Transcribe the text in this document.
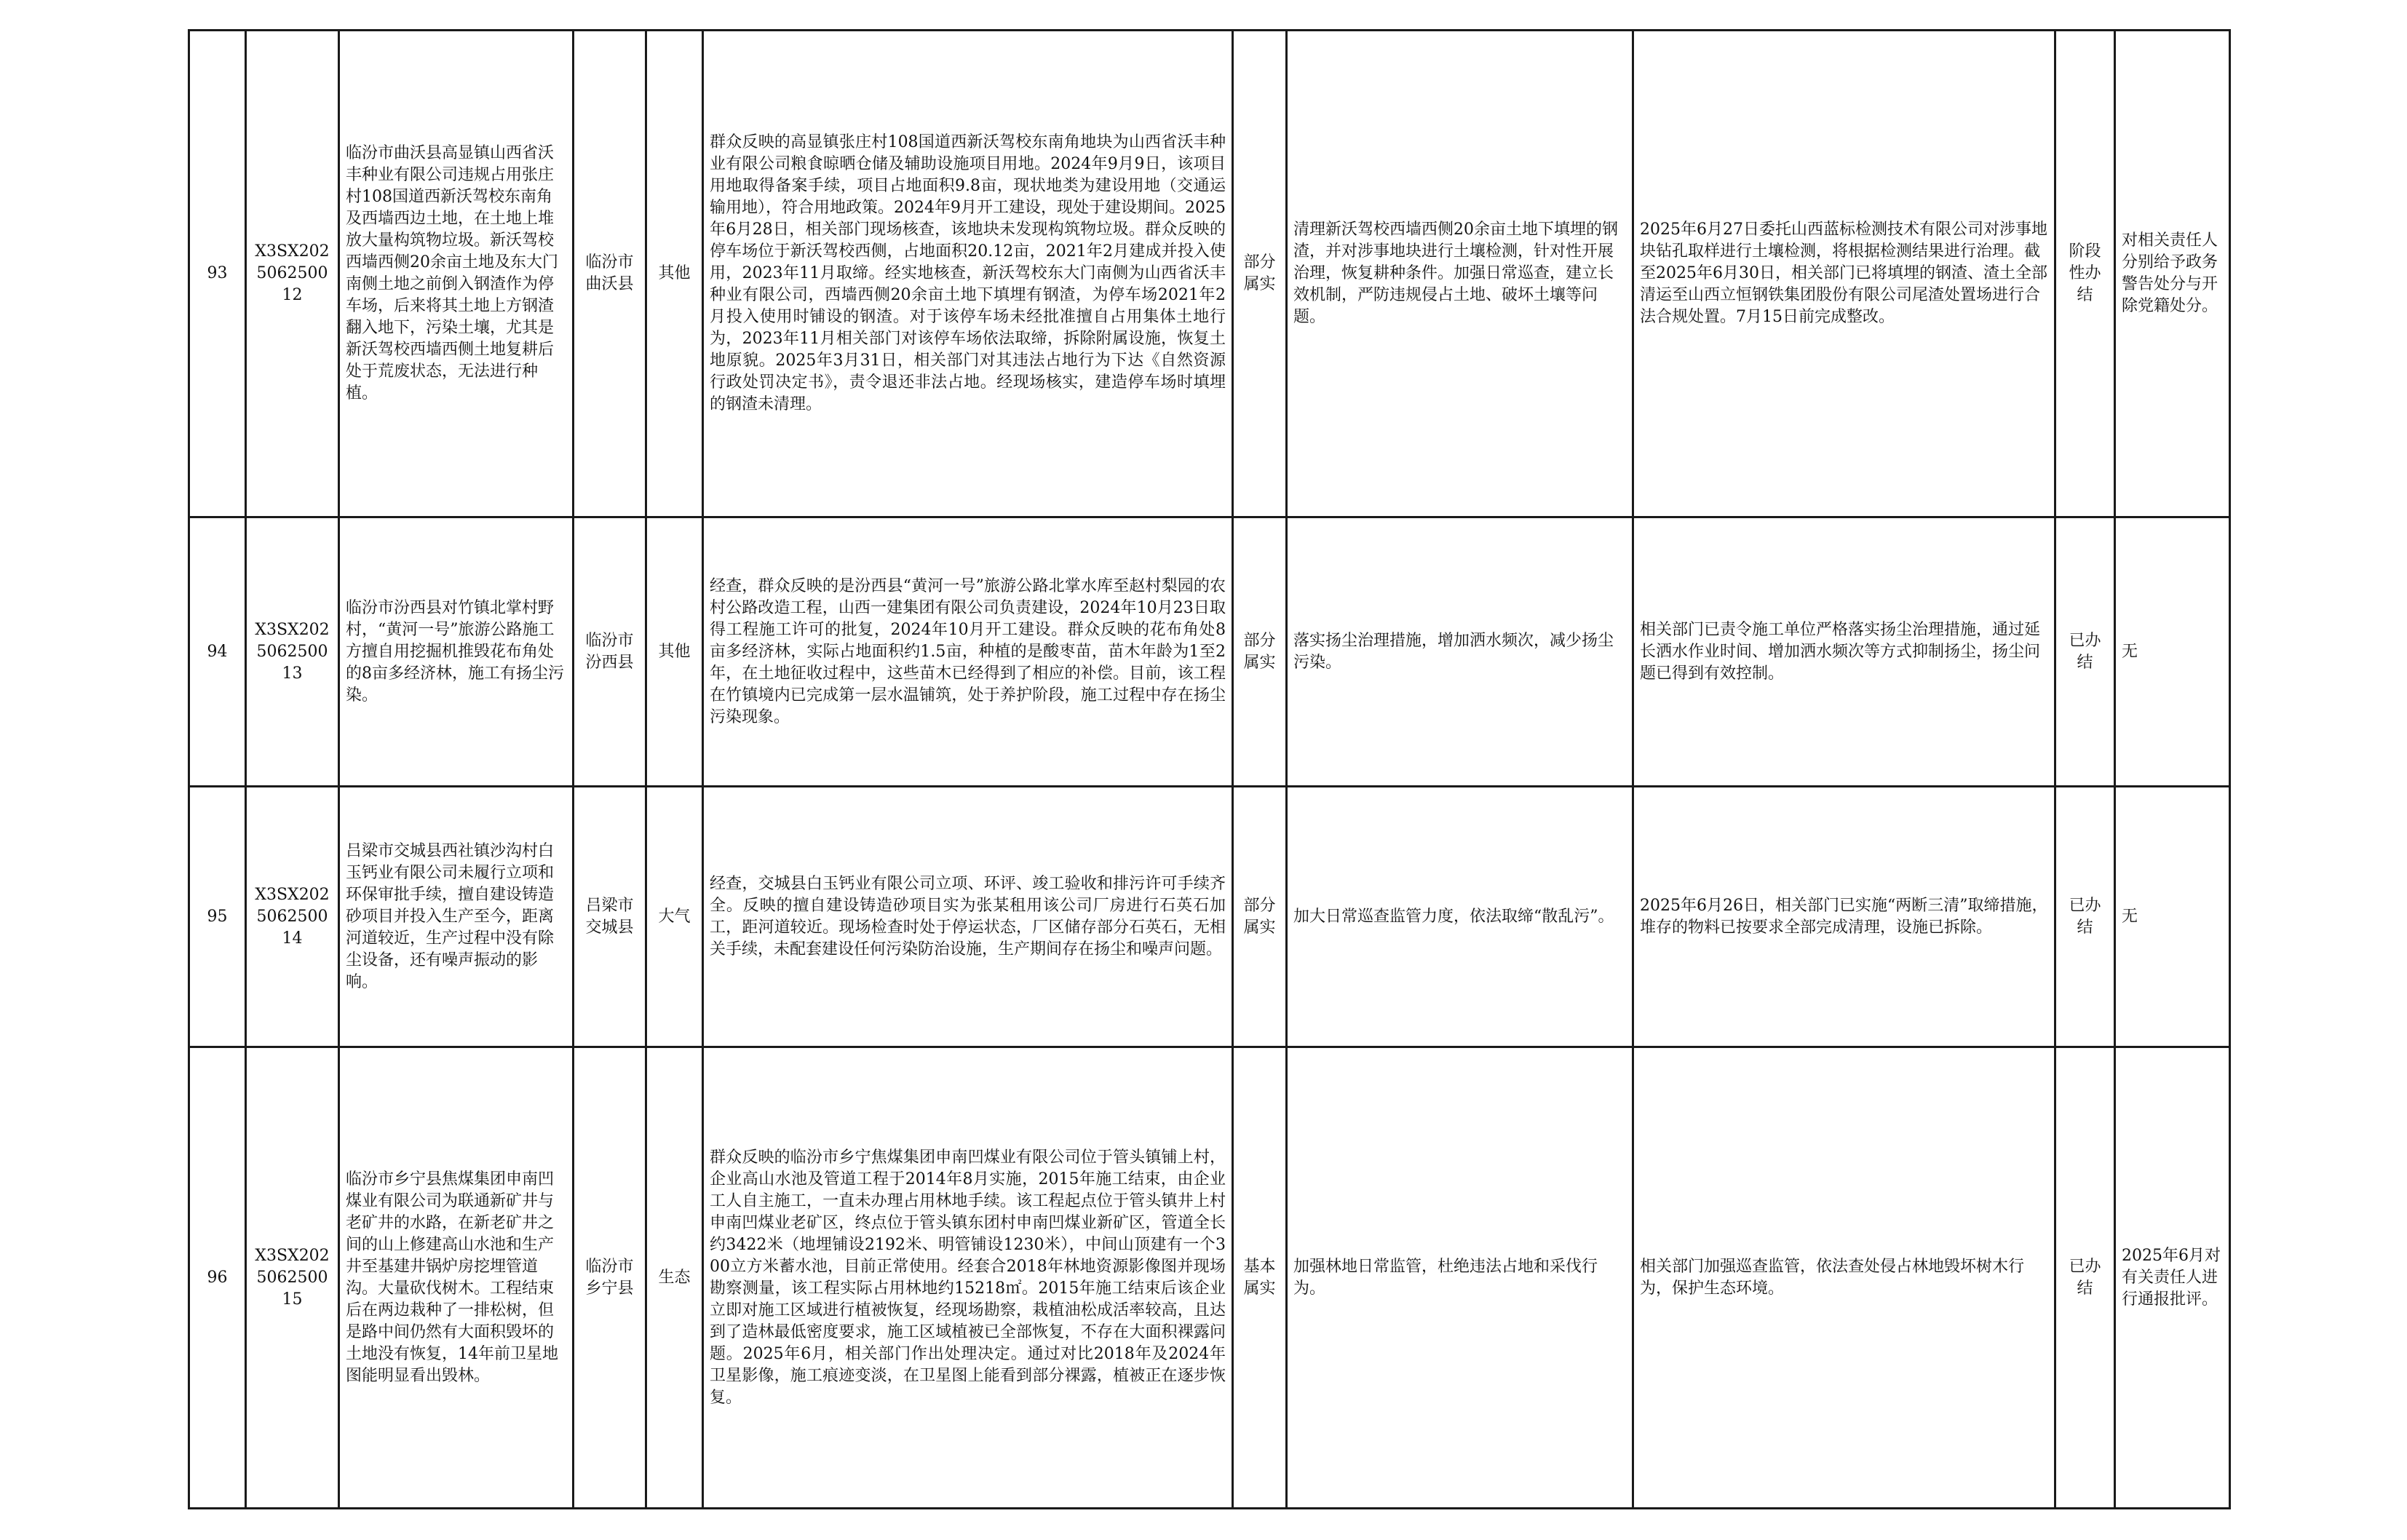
93	X3SX202506250012	临汾市曲沃县高显镇山西省沃丰种业有限公司违规占用张庄村108国道西新沃驾校东南角及西墙西边土地，在土地上堆放大量构筑物垃圾。新沃驾校西墙西侧20余亩土地及东大门南侧土地之前倒入钢渣作为停车场，后来将其土地上方钢渣翻入地下，污染土壤，尤其是新沃驾校西墙西侧土地复耕后处于荒废状态，无法进行种植。	临汾市曲沃县	其他	群众反映的高显镇张庄村108国道西新沃驾校东南角地块为山西省沃丰种业有限公司粮食晾晒仓储及辅助设施项目用地。2024年9月9日，该项目用地取得备案手续，项目占地面积9.8亩，现状地类为建设用地（交通运输用地），符合用地政策。2024年9月开工建设，现处于建设期间。2025年6月28日，相关部门现场核查，该地块未发现构筑物垃圾。群众反映的停车场位于新沃驾校西侧，占地面积20.12亩，2021年2月建成并投入使用，2023年11月取缔。经实地核查，新沃驾校东大门南侧为山西省沃丰种业有限公司，西墙西侧20余亩土地下填埋有钢渣，为停车场2021年2月投入使用时铺设的钢渣。对于该停车场未经批准擅自占用集体土地行为，2023年11月相关部门对该停车场依法取缔，拆除附属设施，恢复土地原貌。2025年3月31日，相关部门对其违法占地行为下达《自然资源行政处罚决定书》，责令退还非法占地。经现场核实，建造停车场时填埋的钢渣未清理。	部分属实	清理新沃驾校西墙西侧20余亩土地下填埋的钢渣，并对涉事地块进行土壤检测，针对性开展治理，恢复耕种条件。加强日常巡查，建立长效机制，严防违规侵占土地、破坏土壤等问题。	2025年6月27日委托山西蓝标检测技术有限公司对涉事地块钻孔取样进行土壤检测，将根据检测结果进行治理。截至2025年6月30日，相关部门已将填埋的钢渣、渣土全部清运至山西立恒钢铁集团股份有限公司尾渣处置场进行合法合规处置。7月15日前完成整改。	阶段性办结	对相关责任人分别给予政务警告处分与开除党籍处分。
94	X3SX202506250013	临汾市汾西县对竹镇北掌村野村，“黄河一号”旅游公路施工方擅自用挖掘机推毁花布角处的8亩多经济林，施工有扬尘污染。	临汾市汾西县	其他	经查，群众反映的是汾西县“黄河一号”旅游公路北掌水库至赵村梨园的农村公路改造工程，山西一建集团有限公司负责建设，2024年10月23日取得工程施工许可的批复，2024年10月开工建设。群众反映的花布角处8亩多经济林，实际占地面积约1.5亩，种植的是酸枣苗，苗木年龄为1至2年，在土地征收过程中，这些苗木已经得到了相应的补偿。目前，该工程在竹镇境内已完成第一层水温铺筑，处于养护阶段，施工过程中存在扬尘污染现象。	部分属实	落实扬尘治理措施，增加洒水频次，减少扬尘污染。	相关部门已责令施工单位严格落实扬尘治理措施，通过延长洒水作业时间、增加洒水频次等方式抑制扬尘，扬尘问题已得到有效控制。	已办结	无
95	X3SX202506250014	吕梁市交城县西社镇沙沟村白玉钙业有限公司未履行立项和环保审批手续，擅自建设铸造砂项目并投入生产至今，距离河道较近，生产过程中没有除尘设备，还有噪声振动的影响。	吕梁市交城县	大气	经查，交城县白玉钙业有限公司立项、环评、竣工验收和排污许可手续齐全。反映的擅自建设铸造砂项目实为张某租用该公司厂房进行石英石加工，距河道较近。现场检查时处于停运状态，厂区储存部分石英石，无相关手续，未配套建设任何污染防治设施，生产期间存在扬尘和噪声问题。	部分属实	加大日常巡查监管力度，依法取缔“散乱污”。	2025年6月26日，相关部门已实施“两断三清”取缔措施，堆存的物料已按要求全部完成清理，设施已拆除。	已办结	无
96	X3SX202506250015	临汾市乡宁县焦煤集团申南凹煤业有限公司为联通新矿井与老矿井的水路，在新老矿井之间的山上修建高山水池和生产井至基建井锅炉房挖埋管道沟。大量砍伐树木。工程结束后在两边栽种了一排松树，但是路中间仍然有大面积毁坏的土地没有恢复，14年前卫星地图能明显看出毁林。	临汾市乡宁县	生态	群众反映的临汾市乡宁焦煤集团申南凹煤业有限公司位于管头镇铺上村，企业高山水池及管道工程于2014年8月实施，2015年施工结束，由企业工人自主施工，一直未办理占用林地手续。该工程起点位于管头镇井上村申南凹煤业老矿区，终点位于管头镇东团村申南凹煤业新矿区，管道全长约3422米（地埋铺设2192米、明管铺设1230米），中间山顶建有一个300立方米蓄水池，目前正常使用。经套合2018年林地资源影像图并现场勘察测量，该工程实际占用林地约15218㎡。2015年施工结束后该企业立即对施工区域进行植被恢复，经现场勘察，栽植油松成活率较高，且达到了造林最低密度要求，施工区域植被已全部恢复，不存在大面积裸露问题。2025年6月，相关部门作出处理决定。通过对比2018年及2024年卫星影像，施工痕迹变淡，在卫星图上能看到部分裸露，植被正在逐步恢复。	基本属实	加强林地日常监管，杜绝违法占地和采伐行为。	相关部门加强巡查监管，依法查处侵占林地毁坏树木行为，保护生态环境。	已办结	2025年6月对有关责任人进行通报批评。
